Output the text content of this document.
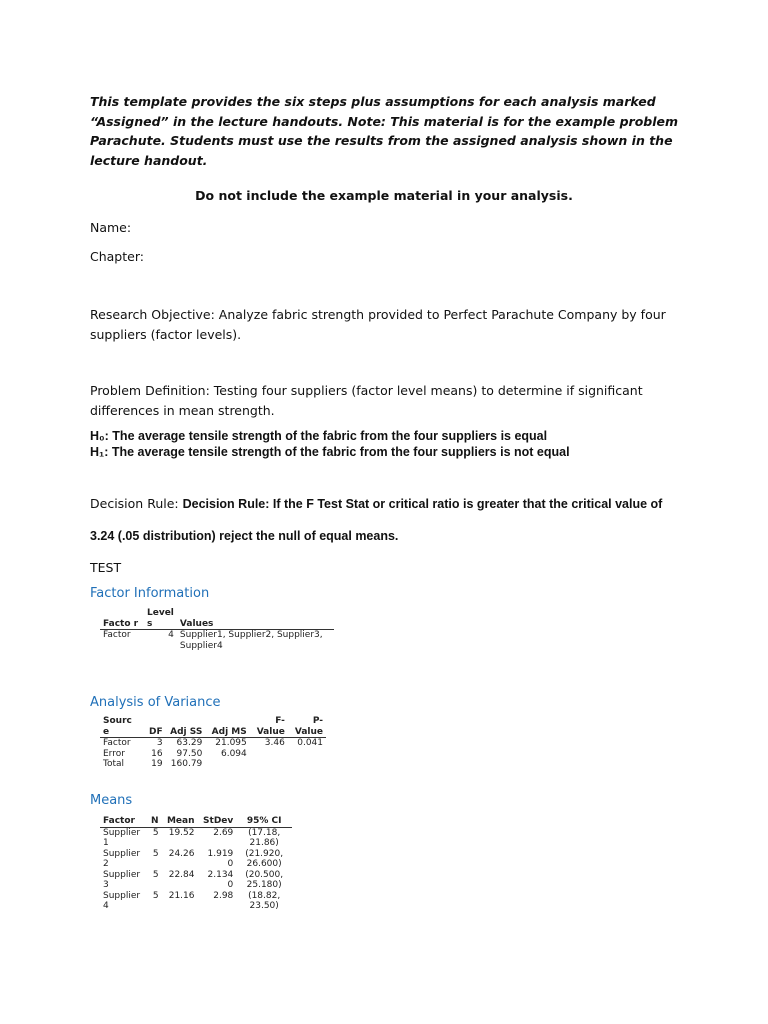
This template provides the six steps plus assumptions for each analysis marked “Assigned” in the lecture handouts. Note: This material is for the example problem Parachute. Students must use the results from the assigned analysis shown in the lecture handout.
Do not include the example material in your analysis.
Name:
Chapter:
Research Objective: Analyze fabric strength provided to Perfect Parachute Company by four suppliers (factor levels).
Problem Definition: Testing four suppliers (factor level means) to determine if significant differences in mean strength.
H₀: The average tensile strength of the fabric from the four suppliers is equal
H₁: The average tensile strength of the fabric from the four suppliers is not equal
Decision Rule: Decision Rule: If the F Test Stat or critical ratio is greater that the critical value of 3.24 (.05 distribution) reject the null of equal means.
TEST
Factor Information
Facto r	Level s	Values
Factor	4	Supplier1, Supplier2, Supplier3, Supplier4
Analysis of Variance
Sourc e	DF	Adj SS	Adj MS	F-Value	P-Value
Factor	3	63.29	21.095	3.46	0.041
Error	16	97.50	6.094		
Total	19	160.79			
Means
Factor	N	Mean	StDev	95% CI
Supplier 1	5	19.52	2.69	(17.18, 21.86)
Supplier 2	5	24.26	1.919 0	(21.920, 26.600)
Supplier 3	5	22.84	2.134 0	(20.500, 25.180)
Supplier 4	5	21.16	2.98	(18.82, 23.50)
